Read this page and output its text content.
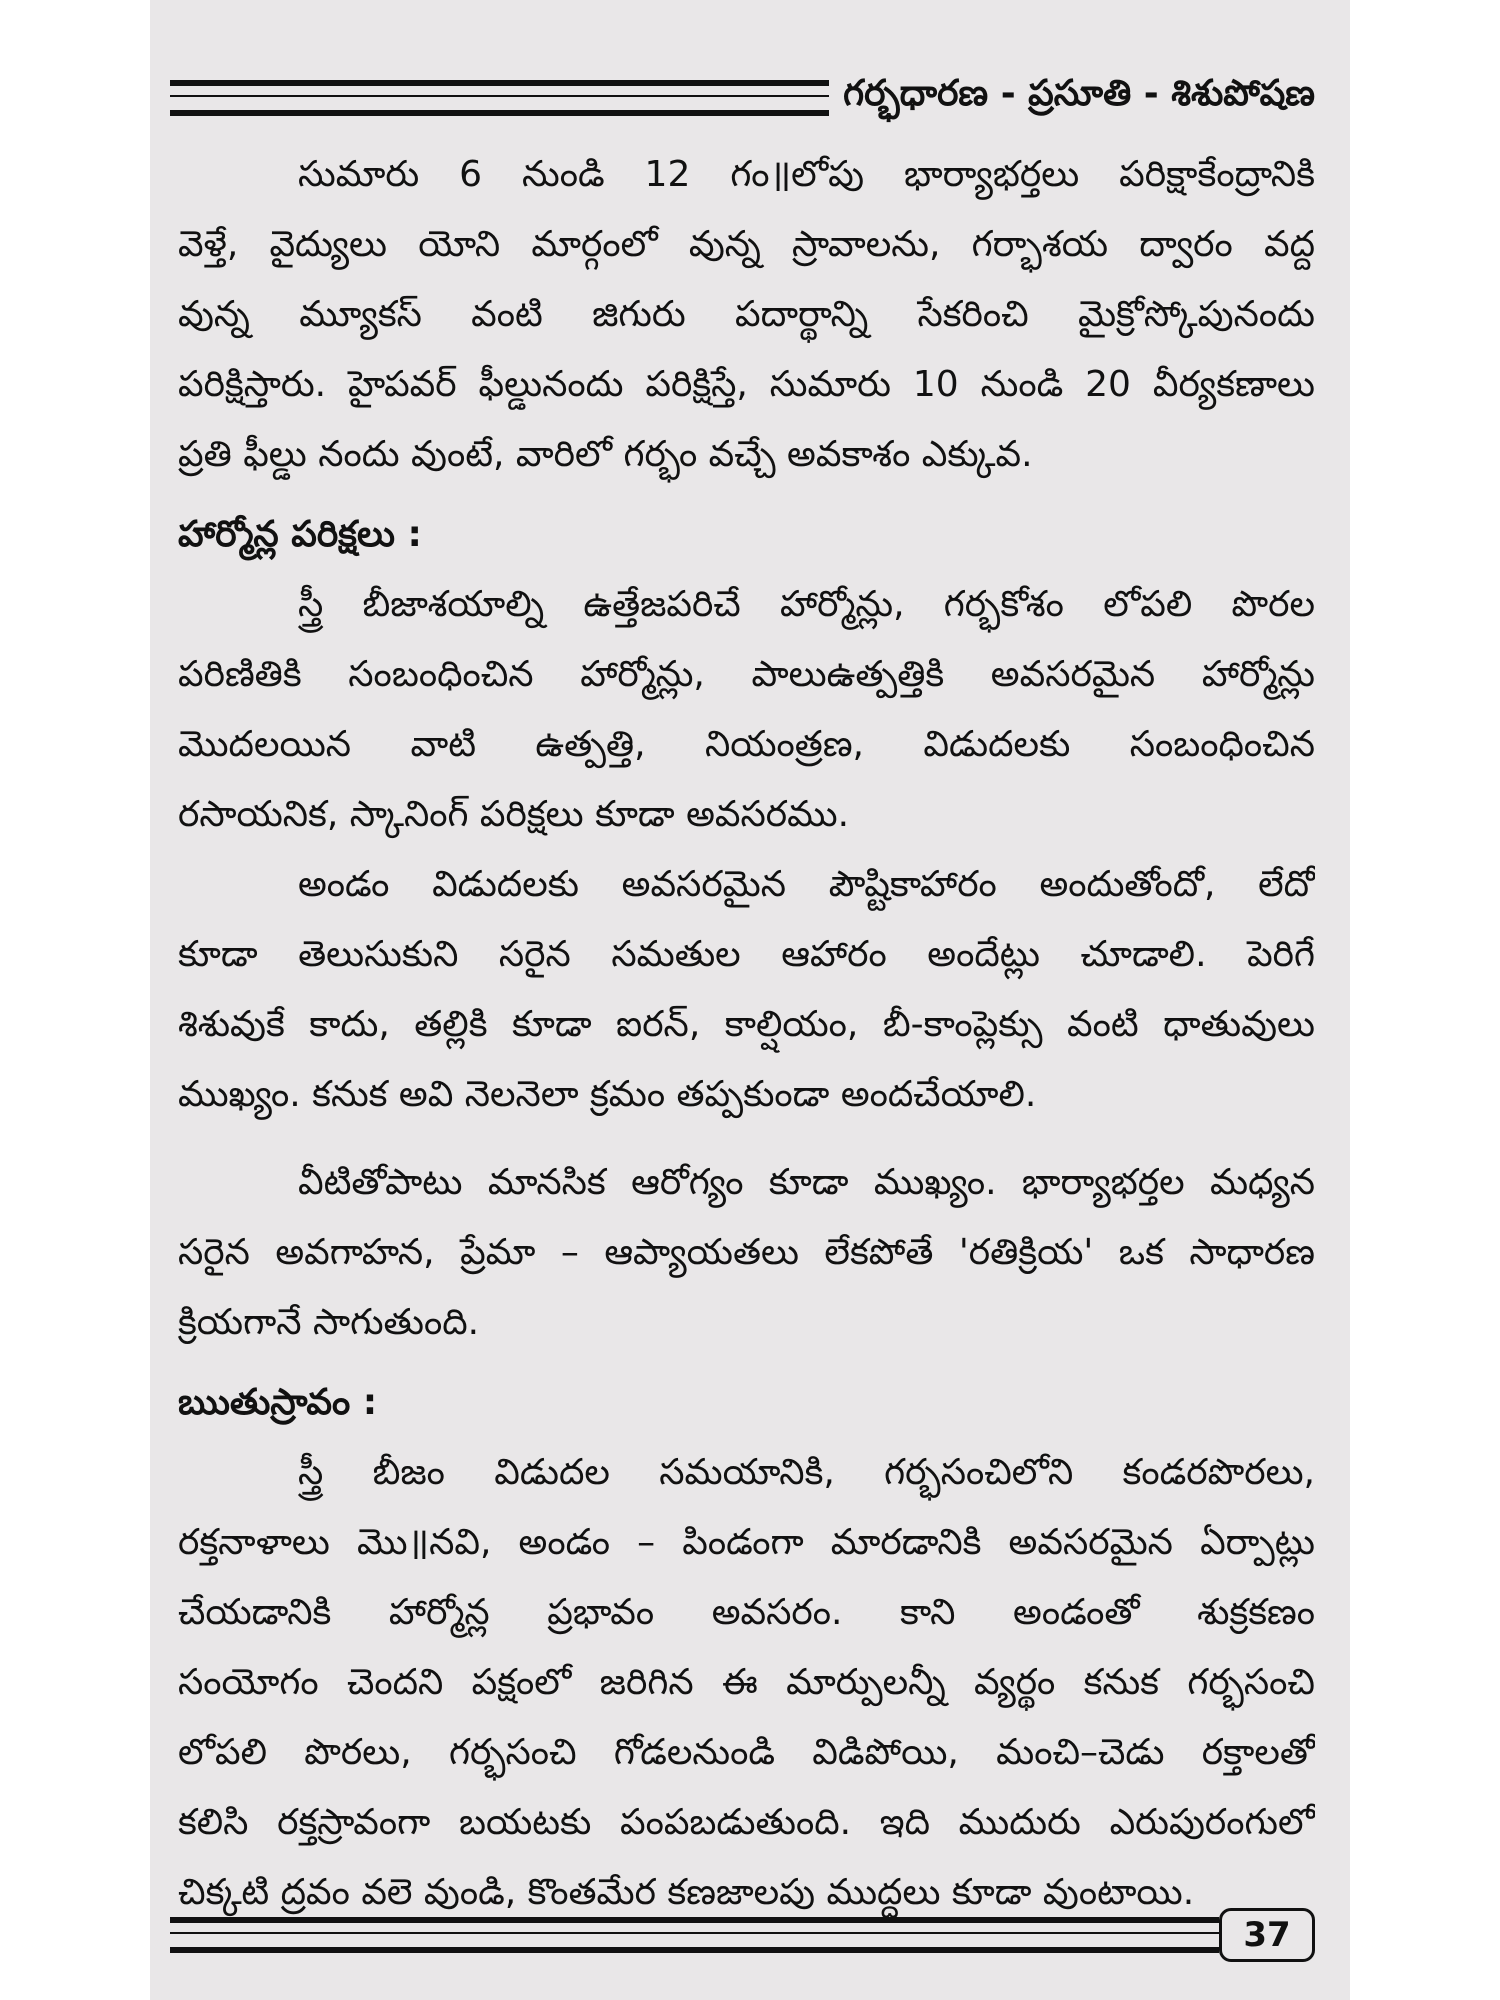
గర్భధారణ - ప్రసూతి - శిశుపోషణ
సుమారు 6 నుండి 12 గం॥లోపు భార్యాభర్తలు పరిక్షాకేంద్రానికి
వెళ్తే, వైద్యులు యోని మార్గంలో వున్న స్రావాలను, గర్భాశయ ద్వారం వద్ద
వున్న మ్యూకస్ వంటి జిగురు పదార్థాన్ని సేకరించి మైక్రోస్కోపునందు
పరిక్షిస్తారు. హైపవర్ ఫీల్డునందు పరిక్షిస్తే, సుమారు 10 నుండి 20 వీర్యకణాలు
ప్రతి ఫీల్డు నందు వుంటే, వారిలో గర్భం వచ్చే అవకాశం ఎక్కువ.
హార్మోన్ల పరిక్షలు :
స్త్రీ బీజాశయాల్ని ఉత్తేజపరిచే హార్మోన్లు, గర్భకోశం లోపలి పొరల
పరిణితికి సంబంధించిన హార్మోన్లు, పాలుఉత్పత్తికి అవసరమైన హార్మోన్లు
మొదలయిన వాటి ఉత్పత్తి, నియంత్రణ, విడుదలకు సంబంధించిన
రసాయనిక, స్కానింగ్ పరిక్షలు కూడా అవసరము.
అండం విడుదలకు అవసరమైన పౌష్టికాహారం అందుతోందో, లేదో
కూడా తెలుసుకుని సరైన సమతుల ఆహారం అందేట్లు చూడాలి. పెరిగే
శిశువుకే కాదు, తల్లికి కూడా ఐరన్, కాల్షియం, బీ-కాంప్లెక్సు వంటి ధాతువులు
ముఖ్యం. కనుక అవి నెలనెలా క్రమం తప్పకుండా అందచేయాలి.
వీటితోపాటు మానసిక ఆరోగ్యం కూడా ముఖ్యం. భార్యాభర్తల మధ్యన
సరైన అవగాహన, ప్రేమా – ఆప్యాయతలు లేకపోతే 'రతిక్రియ' ఒక సాధారణ
క్రియగానే సాగుతుంది.
ఋతుస్రావం :
స్త్రీ బీజం విడుదల సమయానికి, గర్భసంచిలోని కండరపొరలు,
రక్తనాళాలు మొ॥నవి, అండం – పిండంగా మారడానికి అవసరమైన ఏర్పాట్లు
చేయడానికి హార్మోన్ల ప్రభావం అవసరం. కాని అండంతో శుక్రకణం
సంయోగం చెందని పక్షంలో జరిగిన ఈ మార్పులన్నీ వ్యర్థం కనుక గర్భసంచి
లోపలి పొరలు, గర్భసంచి గోడలనుండి విడిపోయి, మంచి–చెడు రక్తాలతో
కలిసి రక్తస్రావంగా బయటకు పంపబడుతుంది. ఇది ముదురు ఎరుపురంగులో
చిక్కటి ద్రవం వలె వుండి, కొంతమేర కణజాలపు ముద్దలు కూడా వుంటాయి.
37
